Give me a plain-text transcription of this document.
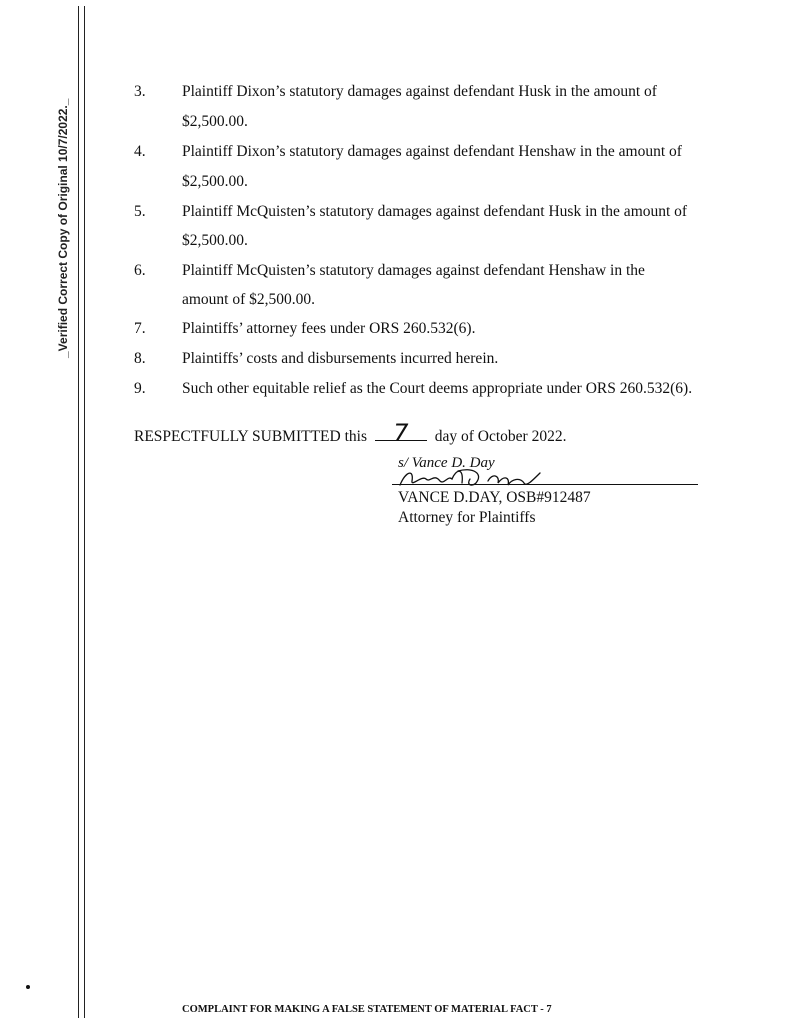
_Verified Correct Copy of Original 10/7/2022._
3. Plaintiff Dixon’s statutory damages against defendant Husk in the amount of
$2,500.00.
4. Plaintiff Dixon’s statutory damages against defendant Henshaw in the amount of
$2,500.00.
5. Plaintiff McQuisten’s statutory damages against defendant Husk in the amount of
$2,500.00.
6. Plaintiff McQuisten’s statutory damages against defendant Henshaw in the
amount of $2,500.00.
7. Plaintiffs’ attorney fees under ORS 260.532(6).
8. Plaintiffs’ costs and disbursements incurred herein.
9. Such other equitable relief as the Court deems appropriate under ORS 260.532(6).
RESPECTFULLY SUBMITTED this 7 day of October 2022.
s/ Vance D. Day
VANCE D.DAY, OSB#912487
Attorney for Plaintiffs
COMPLAINT FOR MAKING A FALSE STATEMENT OF MATERIAL FACT - 7
